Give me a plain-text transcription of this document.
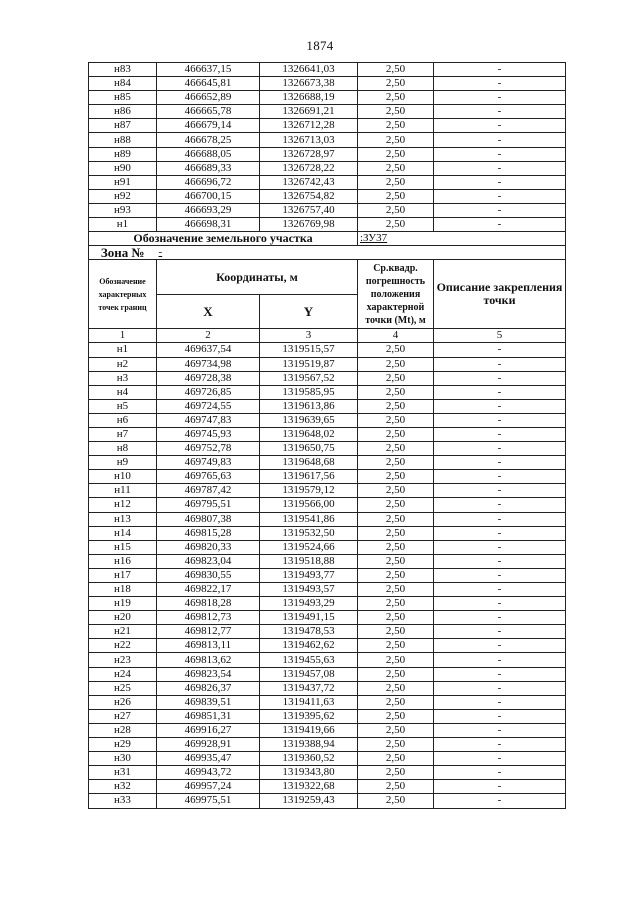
1874
н83	466637,15	1326641,03	2,50	-
н84	466645,81	1326673,38	2,50	-
н85	466652,89	1326688,19	2,50	-
н86	466665,78	1326691,21	2,50	-
н87	466679,14	1326712,28	2,50	-
н88	466678,25	1326713,03	2,50	-
н89	466688,05	1326728,97	2,50	-
н90	466689,33	1326728,22	2,50	-
н91	466696,72	1326742,43	2,50	-
н92	466700,15	1326754,82	2,50	-
н93	466693,29	1326757,40	2,50	-
н1	466698,31	1326769,98	2,50	-
Обозначение земельного участка			:ЗУ37	
Зона №	-			
Обозначение характерных точек границ	Координаты, м		Ср.квадр. погрешность положения характерной точки (Mt), м	Описание закрепления точки
	X	Y		
1	2	3	4	5
н1	469637,54	1319515,57	2,50	-
н2	469734,98	1319519,87	2,50	-
н3	469728,38	1319567,52	2,50	-
н4	469726,85	1319585,95	2,50	-
н5	469724,55	1319613,86	2,50	-
н6	469747,83	1319639,65	2,50	-
н7	469745,93	1319648,02	2,50	-
н8	469752,78	1319650,75	2,50	-
н9	469749,83	1319648,68	2,50	-
н10	469765,63	1319617,56	2,50	-
н11	469787,42	1319579,12	2,50	-
н12	469795,51	1319566,00	2,50	-
н13	469807,38	1319541,86	2,50	-
н14	469815,28	1319532,50	2,50	-
н15	469820,33	1319524,66	2,50	-
н16	469823,04	1319518,88	2,50	-
н17	469830,55	1319493,77	2,50	-
н18	469822,17	1319493,57	2,50	-
н19	469818,28	1319493,29	2,50	-
н20	469812,73	1319491,15	2,50	-
н21	469812,77	1319478,53	2,50	-
н22	469813,11	1319462,62	2,50	-
н23	469813,62	1319455,63	2,50	-
н24	469823,54	1319457,08	2,50	-
н25	469826,37	1319437,72	2,50	-
н26	469839,51	1319411,63	2,50	-
н27	469851,31	1319395,62	2,50	-
н28	469916,27	1319419,66	2,50	-
н29	469928,91	1319388,94	2,50	-
н30	469935,47	1319360,52	2,50	-
н31	469943,72	1319343,80	2,50	-
н32	469957,24	1319322,68	2,50	-
н33	469975,51	1319259,43	2,50	-
